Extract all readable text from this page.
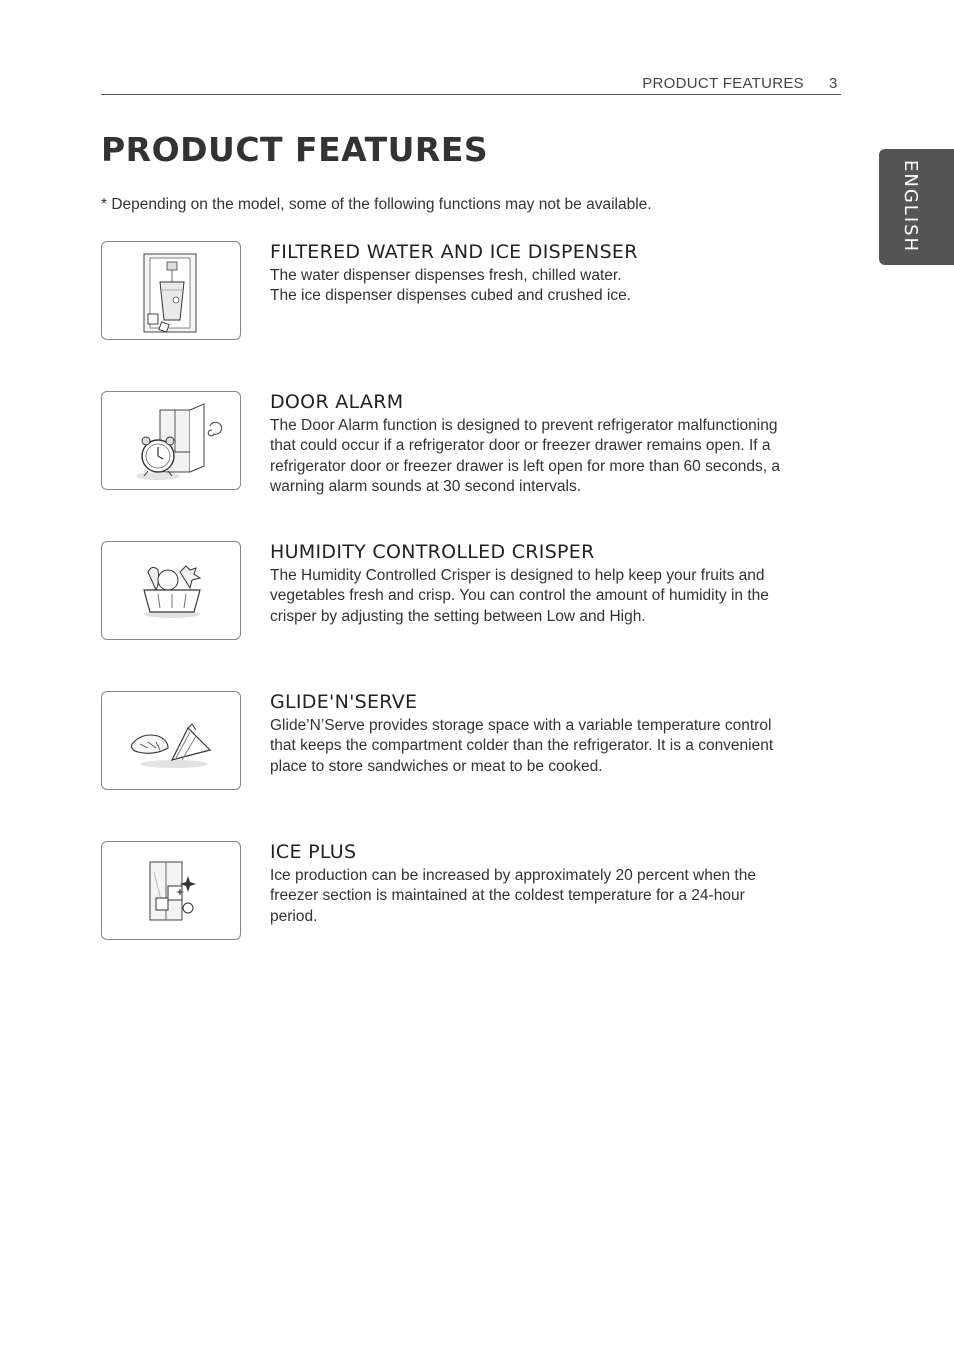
PRODUCT FEATURES 3
ENGLISH
PRODUCT FEATURES
* Depending on the model, some of the following functions may not be available.
FILTERED WATER AND ICE DISPENSER
The water dispenser dispenses fresh, chilled water.
The ice dispenser dispenses cubed and crushed ice.
DOOR ALARM
The Door Alarm function is designed to prevent refrigerator malfunctioning
that could occur if a refrigerator door or freezer drawer remains open. If a
refrigerator door or freezer drawer is left open for more than 60 seconds, a
warning alarm sounds at 30 second intervals.
HUMIDITY CONTROLLED CRISPER
The Humidity Controlled Crisper is designed to help keep your fruits and
vegetables fresh and crisp. You can control the amount of humidity in the
crisper by adjusting the setting between Low and High.
GLIDE'N'SERVE
Glide’N’Serve provides storage space with a variable temperature control
that keeps the compartment colder than the refrigerator. It is a convenient
place to store sandwiches or meat to be cooked.
ICE PLUS
Ice production can be increased by approximately 20 percent when the
freezer section is maintained at the coldest temperature for a 24-hour
period.
